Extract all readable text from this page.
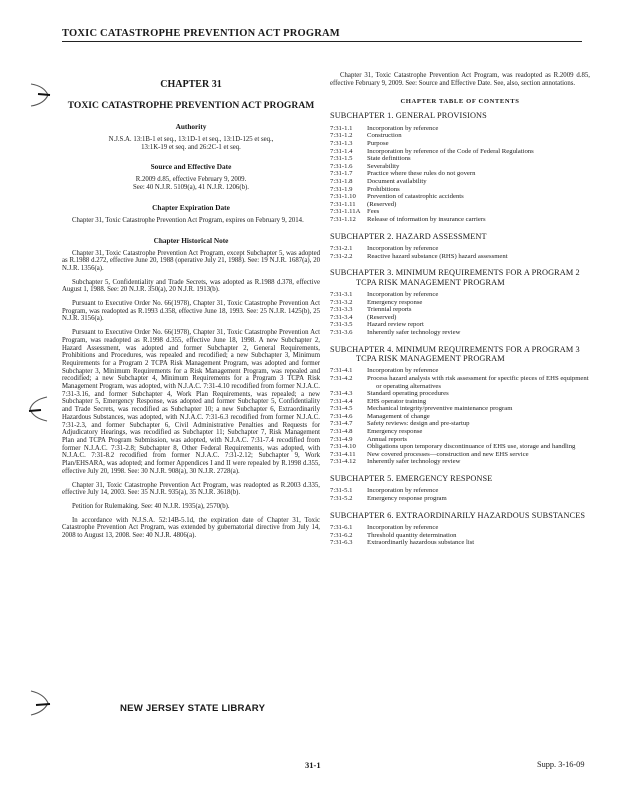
TOXIC CATASTROPHE PREVENTION ACT PROGRAM
CHAPTER 31
TOXIC CATASTROPHE PREVENTION ACT PROGRAM
Authority

N.J.S.A. 13:1B-1 et seq., 13:1D-1 et seq., 13:1D-125 et seq.,

13:1K-19 et seq. and 26:2C-1 et seq.

Source and Effective Date

R.2009 d.85, effective February 9, 2009.

See: 40 N.J.R. 5109(a), 41 N.J.R. 1206(b).

Chapter Expiration Date

Chapter 31, Toxic Catastrophe Prevention Act Program, expires on February 9, 2014.

Chapter Historical Note

Chapter 31, Toxic Catastrophe Prevention Act Program, except Subchapter 5, was adopted as R.1988 d.272, effective June 20, 1988 (operative July 21, 1988). See: 19 N.J.R. 1687(a), 20 N.J.R. 1356(a).

Subchapter 5, Confidentiality and Trade Secrets, was adopted as R.1988 d.378, effective August 1, 1988. See: 20 N.J.R. 350(a), 20 N.J.R. 1913(b).

Pursuant to Executive Order No. 66(1978), Chapter 31, Toxic Catastrophe Prevention Act Program, was readopted as R.1993 d.358, effective June 18, 1993. See: 25 N.J.R. 1425(b), 25 N.J.R. 3156(a).

Pursuant to Executive Order No. 66(1978), Chapter 31, Toxic Catastrophe Prevention Act Program, was readopted as R.1998 d.355, effective June 18, 1998. A new Subchapter 2, Hazard Assessment, was adopted and former Subchapter 2, General Requirements, Prohibitions and Procedures, was repealed and recodified; a new Subchapter 3, Minimum Requirements for a Program 2 TCPA Risk Management Program, was adopted and former Subchapter 3, Minimum Requirements for a Risk Management Program, was repealed and recodified; a new Subchapter 4, Minimum Requirements for a Program 3 TCPA Risk Management Program, was adopted, with N.J.A.C. 7:31-4.10 recodified from former N.J.A.C. 7:31-3.16, and former Subchapter 4, Work Plan Requirements, was repealed; a new Subchapter 5, Emergency Response, was adopted and former Subchapter 5, Confidentiality and Trade Secrets, was recodified as Subchapter 10; a new Subchapter 6, Extraordinarily Hazardous Substances, was adopted, with N.J.A.C. 7:31-6.3 recodified from former N.J.A.C. 7:31-2.3, and former Subchapter 6, Civil Administrative Penalties and Requests for Adjudicatory Hearings, was recodified as Subchapter 11; Subchapter 7, Risk Management Plan and TCPA Program Submission, was adopted, with N.J.A.C. 7:31-7.4 recodified from former N.J.A.C. 7:31-2.8; Subchapter 8, Other Federal Requirements, was adopted, with N.J.A.C. 7:31-8.2 recodified from former N.J.A.C. 7:31-2.12; Subchapter 9, Work Plan/EHSARA, was adopted; and former Appendices I and II were repealed by R.1998 d.355, effective July 20, 1998. See: 30 N.J.R. 908(a), 30 N.J.R. 2728(a).

Chapter 31, Toxic Catastrophe Prevention Act Program, was readopted as R.2003 d.335, effective July 14, 2003. See: 35 N.J.R. 935(a), 35 N.J.R. 3618(b).

Petition for Rulemaking. See: 40 N.J.R. 1935(a), 2570(b).

In accordance with N.J.S.A. 52:14B-5.1d, the expiration date of Chapter 31, Toxic Catastrophe Prevention Act Program, was extended by gubernatorial directive from July 14, 2008 to August 13, 2008. See: 40 N.J.R. 4806(a).

Chapter 31, Toxic Catastrophe Prevention Act Program, was readopted as R.2009 d.85, effective February 9, 2009. See: Source and Effective Date. See, also, section annotations.

CHAPTER TABLE OF CONTENTS
SUBCHAPTER 1. GENERAL PROVISIONS
7:31-1.1	Incorporation by reference
7:31-1.2	Construction
7:31-1.3	Purpose
7:31-1.4	Incorporation by reference of the Code of Federal Regulations
7:31-1.5	State definitions
7:31-1.6	Severability
7:31-1.7	Practice where these rules do not govern
7:31-1.8	Document availability
7:31-1.9	Prohibitions
7:31-1.10	Prevention of catastrophic accidents
7:31-1.11	(Reserved)
7:31-1.11A Fees
7:31-1.12	Release of information by insurance carriers
SUBCHAPTER 2. HAZARD ASSESSMENT
7:31-2.1	Incorporation by reference
7:31-2.2	Reactive hazard substance (RHS) hazard assessment
SUBCHAPTER 3. MINIMUM REQUIREMENTS FOR A PROGRAM 2 TCPA RISK MANAGEMENT PROGRAM
7:31-3.1	Incorporation by reference
7:31-3.2	Emergency response
7:31-3.3	Triennial reports
7:31-3.4	(Reserved)
7:31-3.5	Hazard review report
7:31-3.6	Inherently safer technology review
SUBCHAPTER 4. MINIMUM REQUIREMENTS FOR A PROGRAM 3 TCPA RISK MANAGEMENT PROGRAM
7:31-4.1	Incorporation by reference
7:31-4.2	Process hazard analysis with risk assessment for specific pieces of EHS equipment or operating alternatives
7:31-4.3	Standard operating procedures
7:31-4.4	EHS operator training
7:31-4.5	Mechanical integrity/preventive maintenance program
7:31-4.6	Management of change
7:31-4.7	Safety reviews: design and pre-startup
7:31-4.8	Emergency response
7:31-4.9	Annual reports
7:31-4.10	Obligations upon temporary discontinuance of EHS use, storage and handling
7:31-4.11	New covered processes—construction and new EHS service
7:31-4.12	Inherently safer technology review
SUBCHAPTER 5. EMERGENCY RESPONSE
7:31-5.1	Incorporation by reference
7:31-5.2	Emergency response program
SUBCHAPTER 6. EXTRAORDINARILY HAZARDOUS SUBSTANCES
7:31-6.1	Incorporation by reference
7:31-6.2	Threshold quantity determination
7:31-6.3	Extraordinarily hazardous substance list
NEW JERSEY STATE LIBRARY
31-1	Supp. 3-16-09
